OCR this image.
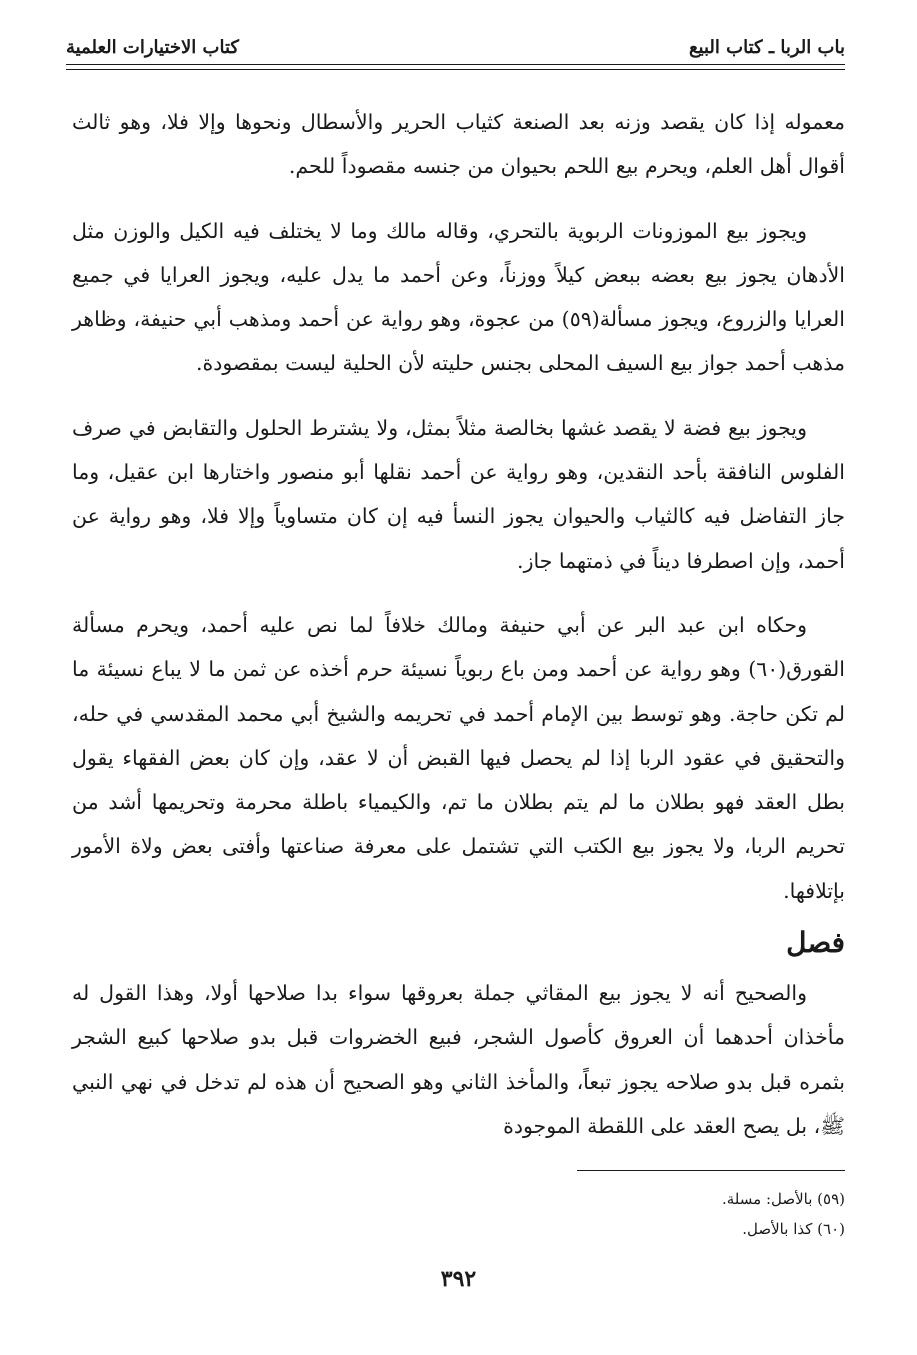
باب الربا ـ كتاب البيع
كتاب الاختيارات العلمية

معموله إذا كان يقصد وزنه بعد الصنعة كثياب الحرير والأسطال ونحوها وإلا فلا، وهو ثالث أقوال أهل العلم، ويحرم بيع اللحم بحيوان من جنسه مقصوداً للحم.

ويجوز بيع الموزونات الربوية بالتحري، وقاله مالك وما لا يختلف فيه الكيل والوزن مثل الأدهان يجوز بيع بعضه ببعض كيلاً ووزناً، وعن أحمد ما يدل عليه، ويجوز العرايا في جميع العرايا والزروع، ويجوز مسألة(٥٩) من عجوة، وهو رواية عن أحمد ومذهب أبي حنيفة، وظاهر مذهب أحمد جواز بيع السيف المحلى بجنس حليته لأن الحلية ليست بمقصودة.

ويجوز بيع فضة لا يقصد غشها بخالصة مثلاً بمثل، ولا يشترط الحلول والتقابض في صرف الفلوس النافقة بأحد النقدين، وهو رواية عن أحمد نقلها أبو منصور واختارها ابن عقيل، وما جاز التفاضل فيه كالثياب والحيوان يجوز النسأ فيه إن كان متساوياً وإلا فلا، وهو رواية عن أحمد، وإن اصطرفا ديناً في ذمتهما جاز.

وحكاه ابن عبد البر عن أبي حنيفة ومالك خلافاً لما نص عليه أحمد، ويحرم مسألة القورق(٦٠) وهو رواية عن أحمد ومن باع ربوياً نسيئة حرم أخذه عن ثمن ما لا يباع نسيئة ما لم تكن حاجة. وهو توسط بين الإمام أحمد في تحريمه والشيخ أبي محمد المقدسي في حله، والتحقيق في عقود الربا إذا لم يحصل فيها القبض أن لا عقد، وإن كان بعض الفقهاء يقول بطل العقد فهو بطلان ما لم يتم بطلان ما تم، والكيمياء باطلة محرمة وتحريمها أشد من تحريم الربا، ولا يجوز بيع الكتب التي تشتمل على معرفة صناعتها وأفتى بعض ولاة الأمور بإتلافها.

فصل

والصحيح أنه لا يجوز بيع المقاثي جملة بعروقها سواء بدا صلاحها أولا، وهذا القول له مأخذان أحدهما أن العروق كأصول الشجر، فبيع الخضروات قبل بدو صلاحها كبيع الشجر بثمره قبل بدو صلاحه يجوز تبعاً، والمأخذ الثاني وهو الصحيح أن هذه لم تدخل في نهي النبي ﷺ، بل يصح العقد على اللقطة الموجودة

(٥٩) بالأصل: مسلة.

(٦٠) كذا بالأصل.

٣٩٢
